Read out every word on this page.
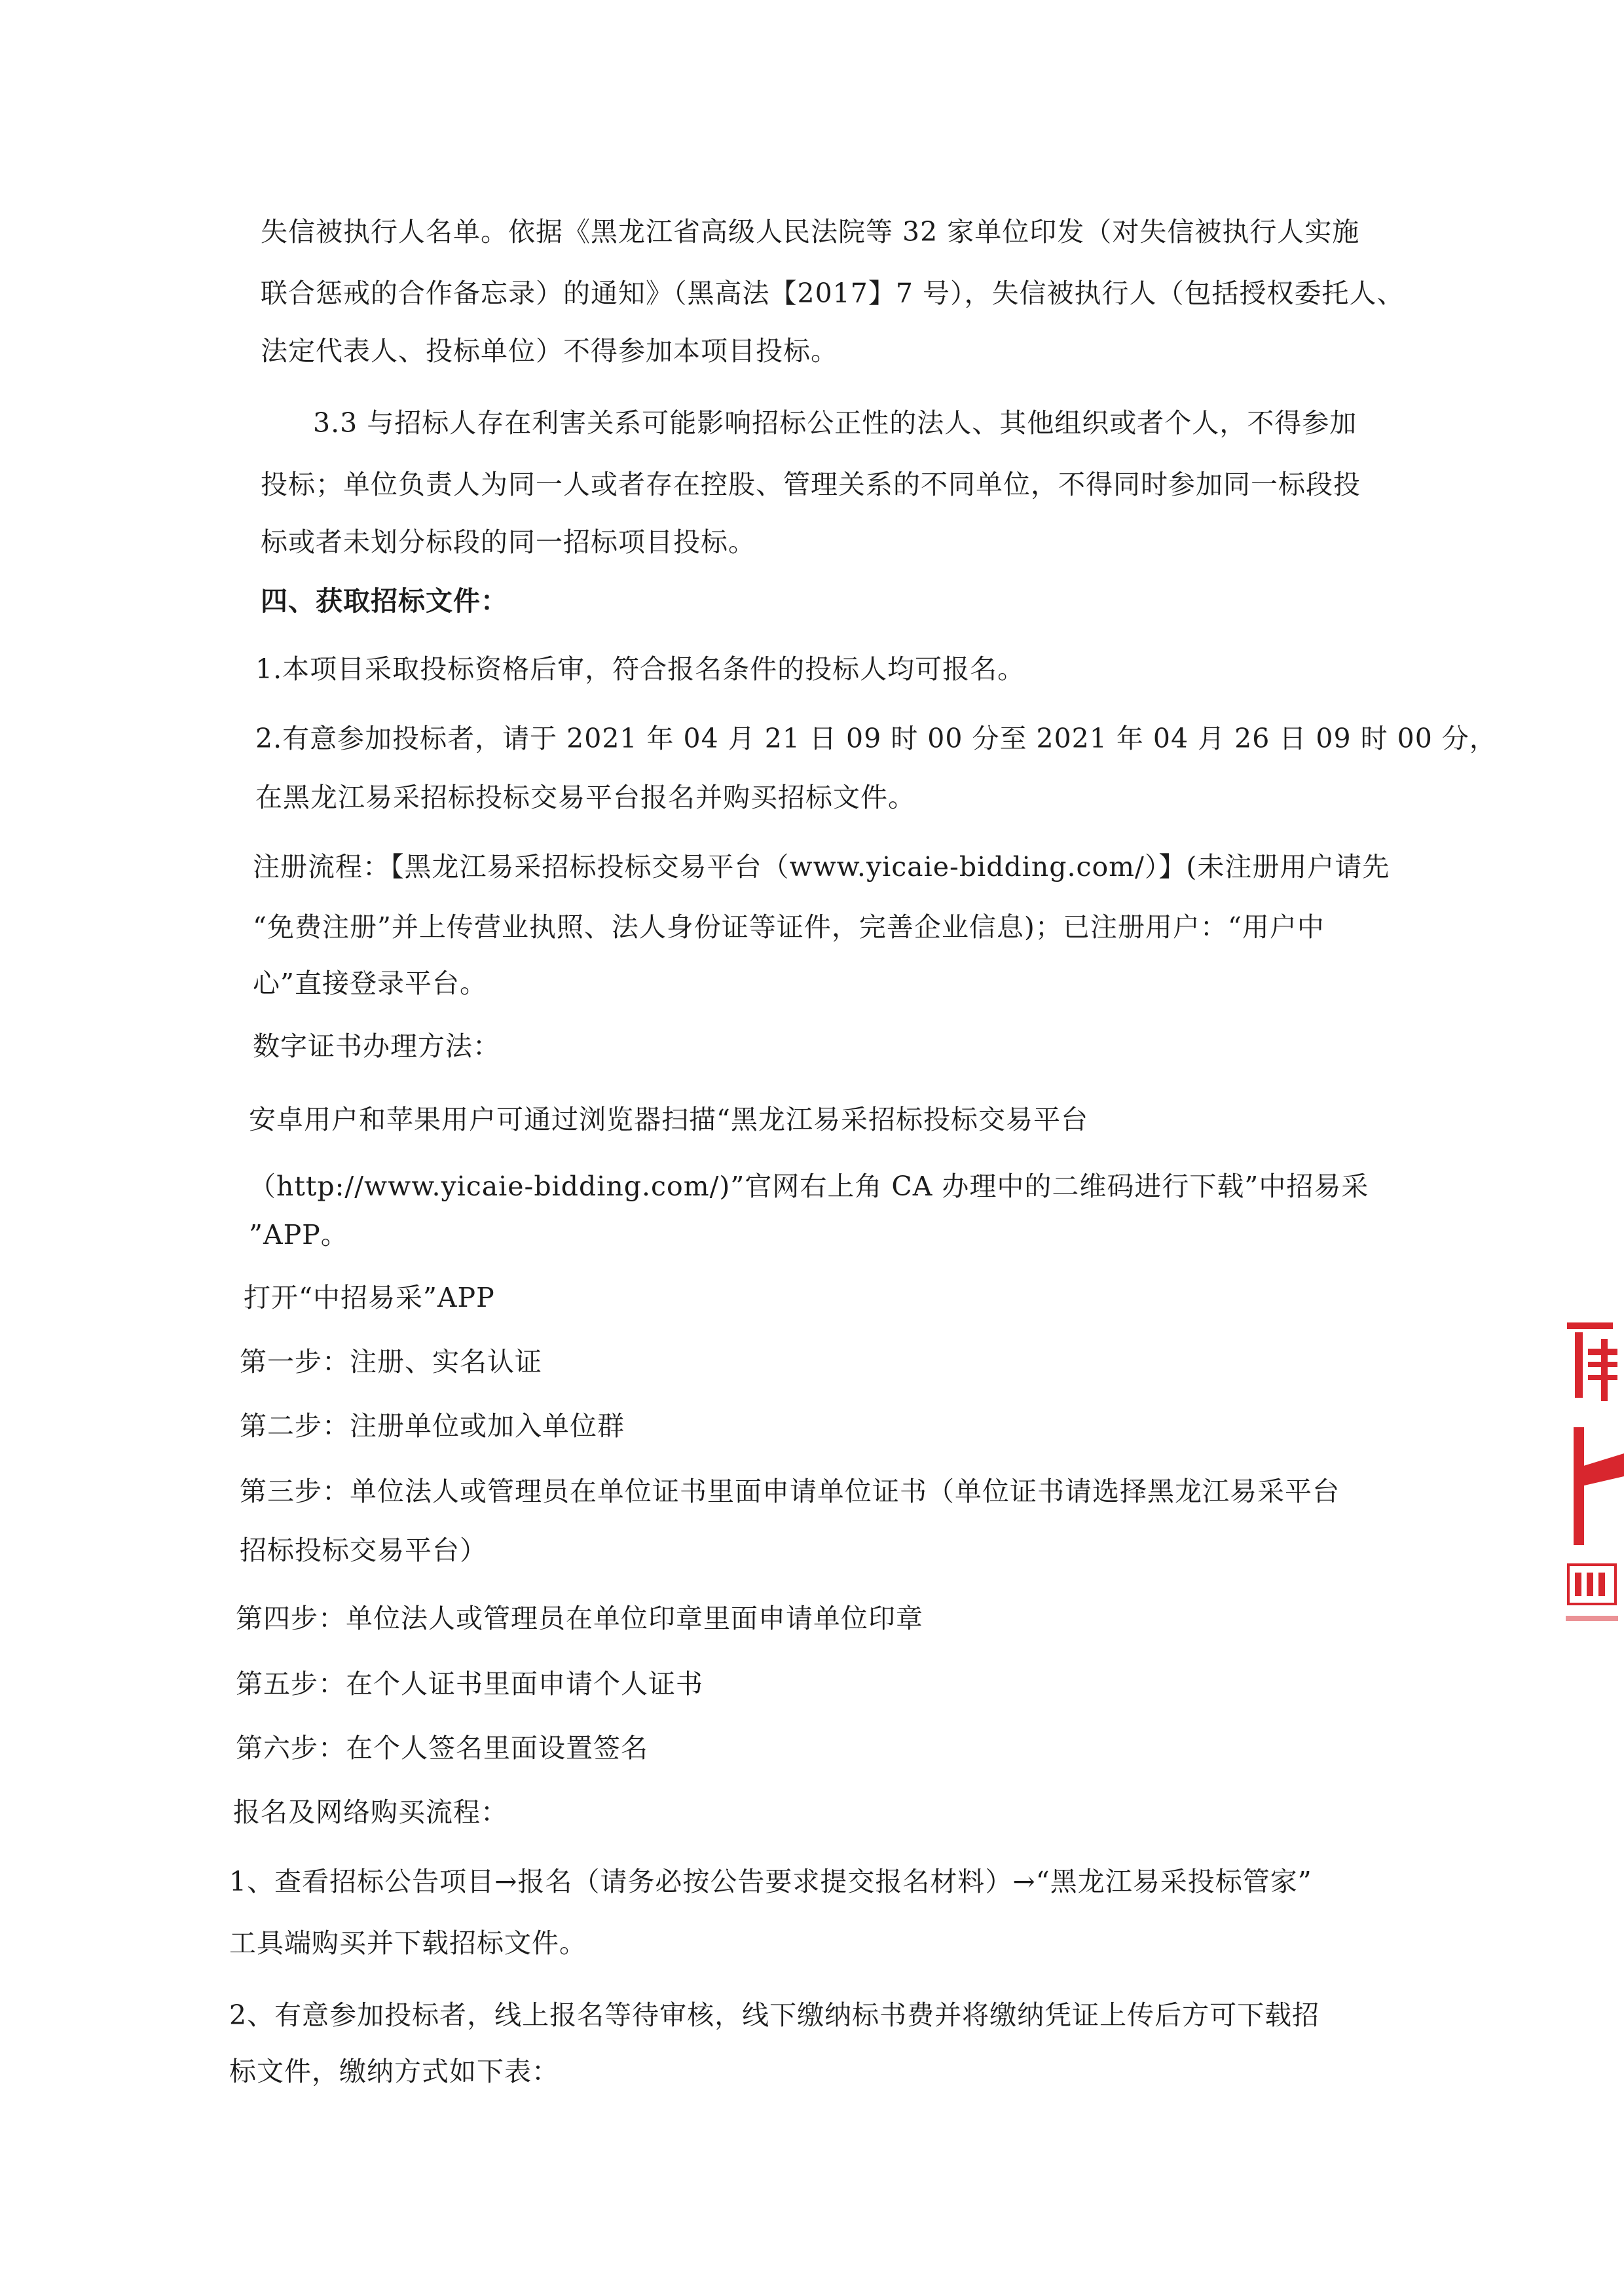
失信被执行人名单。依据《黑龙江省高级人民法院等 32 家单位印发（对失信被执行人实施

联合惩戒的合作备忘录）的通知》（黑高法【2017】7 号），失信被执行人（包括授权委托人、

法定代表人、投标单位）不得参加本项目投标。

3.3 与招标人存在利害关系可能影响招标公正性的法人、其他组织或者个人，不得参加

投标；单位负责人为同一人或者存在控股、管理关系的不同单位，不得同时参加同一标段投

标或者未划分标段的同一招标项目投标。

四、获取招标文件：

1.本项目采取投标资格后审，符合报名条件的投标人均可报名。

2.有意参加投标者，请于 2021 年 04 月 21 日 09 时 00 分至 2021 年 04 月 26 日 09 时 00 分，

在黑龙江易采招标投标交易平台报名并购买招标文件。

注册流程：【黑龙江易采招标投标交易平台（www.yicaie-bidding.com/）】(未注册用户请先

“免费注册”并上传营业执照、法人身份证等证件，完善企业信息)；已注册用户：“用户中

心”直接登录平台。

数字证书办理方法：

安卓用户和苹果用户可通过浏览器扫描“黑龙江易采招标投标交易平台

（http://www.yicaie-bidding.com/)”官网右上角 CA 办理中的二维码进行下载”中招易采

”APP。

打开“中招易采”APP

第一步：注册、实名认证

第二步：注册单位或加入单位群

第三步：单位法人或管理员在单位证书里面申请单位证书（单位证书请选择黑龙江易采平台

招标投标交易平台）

第四步：单位法人或管理员在单位印章里面申请单位印章

第五步：在个人证书里面申请个人证书

第六步：在个人签名里面设置签名

报名及网络购买流程：

1、查看招标公告项目→报名（请务必按公告要求提交报名材料）→“黑龙江易采投标管家”

工具端购买并下载招标文件。

2、有意参加投标者，线上报名等待审核，线下缴纳标书费并将缴纳凭证上传后方可下载招

标文件，缴纳方式如下表：
